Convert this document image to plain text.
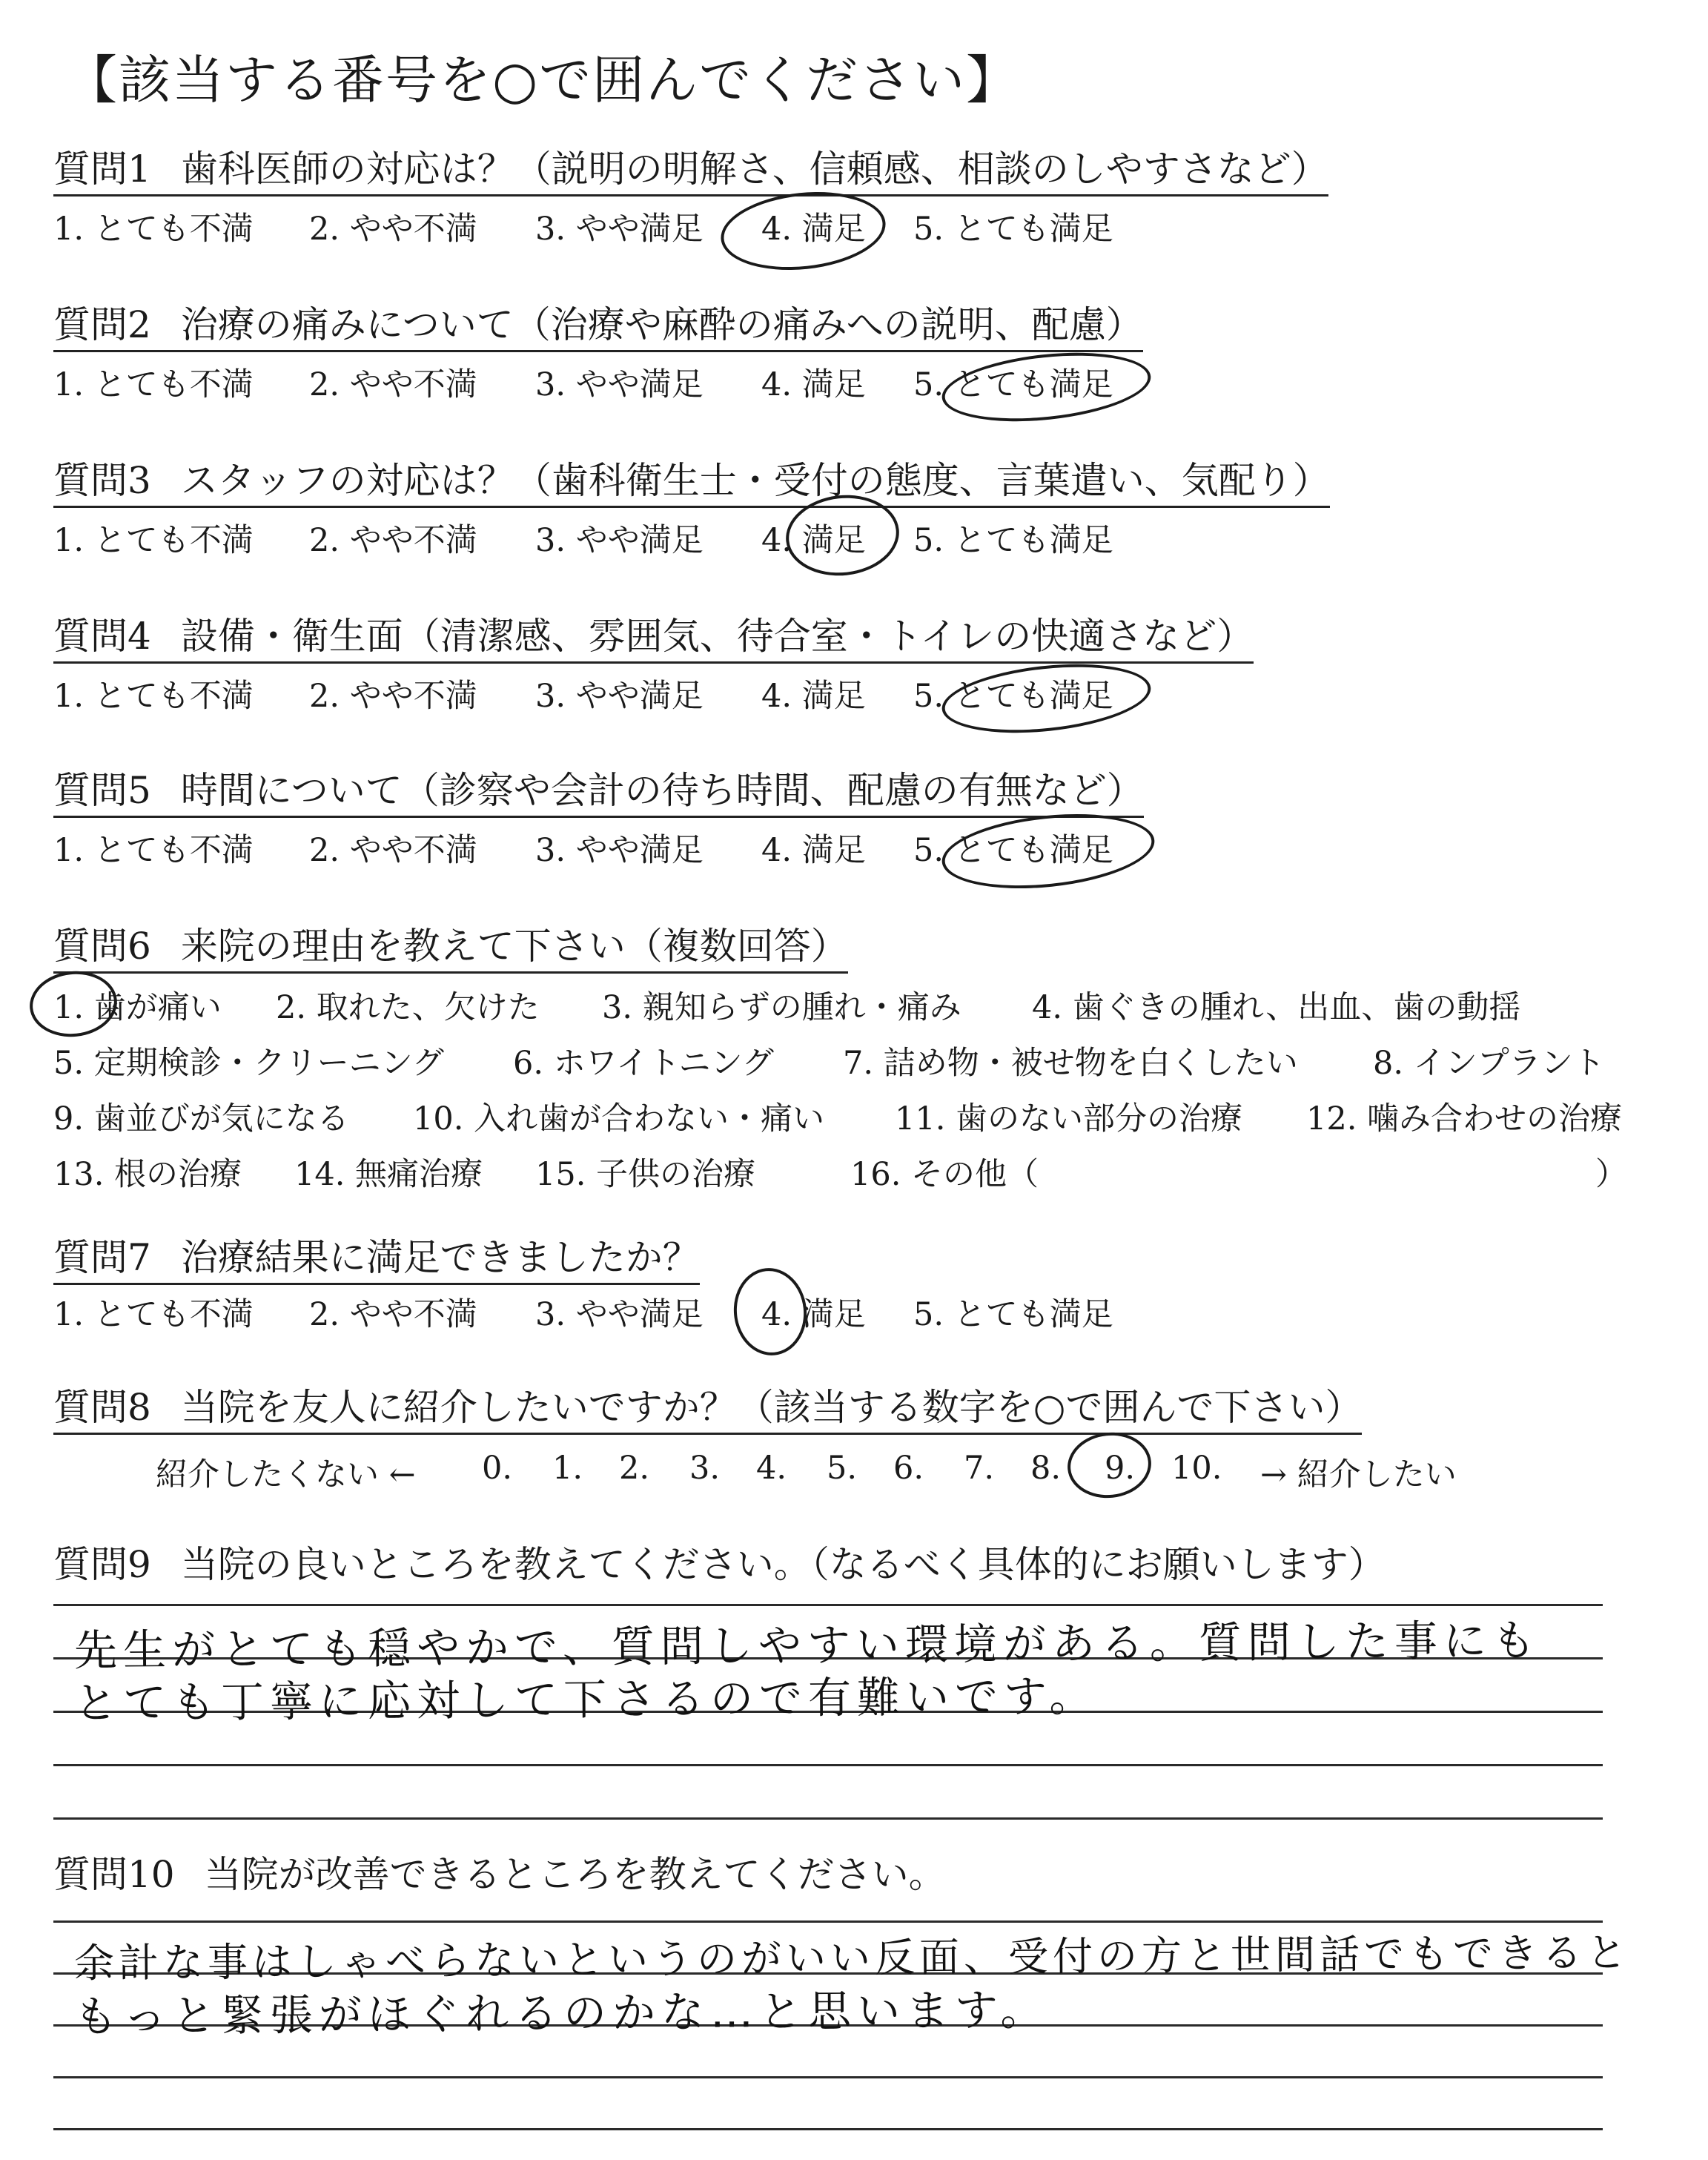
【該当する番号を○で囲んでください】
質問1 歯科医師の対応は？（説明の明解さ、信頼感、相談のしやすさなど）
1. とても不満 2. やや不満 3. やや満足 4. 満足 5. とても満足
質問2 治療の痛みについて（治療や麻酔の痛みへの説明、配慮）
1. とても不満 2. やや不満 3. やや満足 4. 満足 5. とても満足
質問3 スタッフの対応は？（歯科衛生士・受付の態度、言葉遣い、気配り）
1. とても不満 2. やや不満 3. やや満足 4. 満足 5. とても満足
質問4 設備・衛生面（清潔感、雰囲気、待合室・トイレの快適さなど）
1. とても不満 2. やや不満 3. やや満足 4. 満足 5. とても満足
質問5 時間について（診察や会計の待ち時間、配慮の有無など）
1. とても不満 2. やや不満 3. やや満足 4. 満足 5. とても満足
質問6 来院の理由を教えて下さい（複数回答）
1. 歯が痛い 2. 取れた、欠けた 3. 親知らずの腫れ・痛み 4. 歯ぐきの腫れ、出血、歯の動揺
5. 定期検診・クリーニング 6. ホワイトニング 7. 詰め物・被せ物を白くしたい 8. インプラント
9. 歯並びが気になる 10. 入れ歯が合わない・痛い 11. 歯のない部分の治療 12. 噛み合わせの治療
13. 根の治療 14. 無痛治療 15. 子供の治療	16. その他（	）
質問7 治療結果に満足できましたか？
1. とても不満 2. やや不満 3. やや満足 4. 満足 5. とても満足
質問8 当院を友人に紹介したいですか？（該当する数字を○で囲んで下さい）
紹介したくない ← 0. 1. 2. 3. 4. 5. 6. 7. 8. 9. 10. → 紹介したい
質問9 当院の良いところを教えてください。（なるべく具体的にお願いします）
先生がとても穏やかで、質問しやすい環境がある。質問した事にも
とても丁寧に応対して下さるので有難いです。
質問10 当院が改善できるところを教えてください。
余計な事はしゃべらないというのがいい反面、受付の方と世間話でもできると
もっと緊張がほぐれるのかな…と思います。
